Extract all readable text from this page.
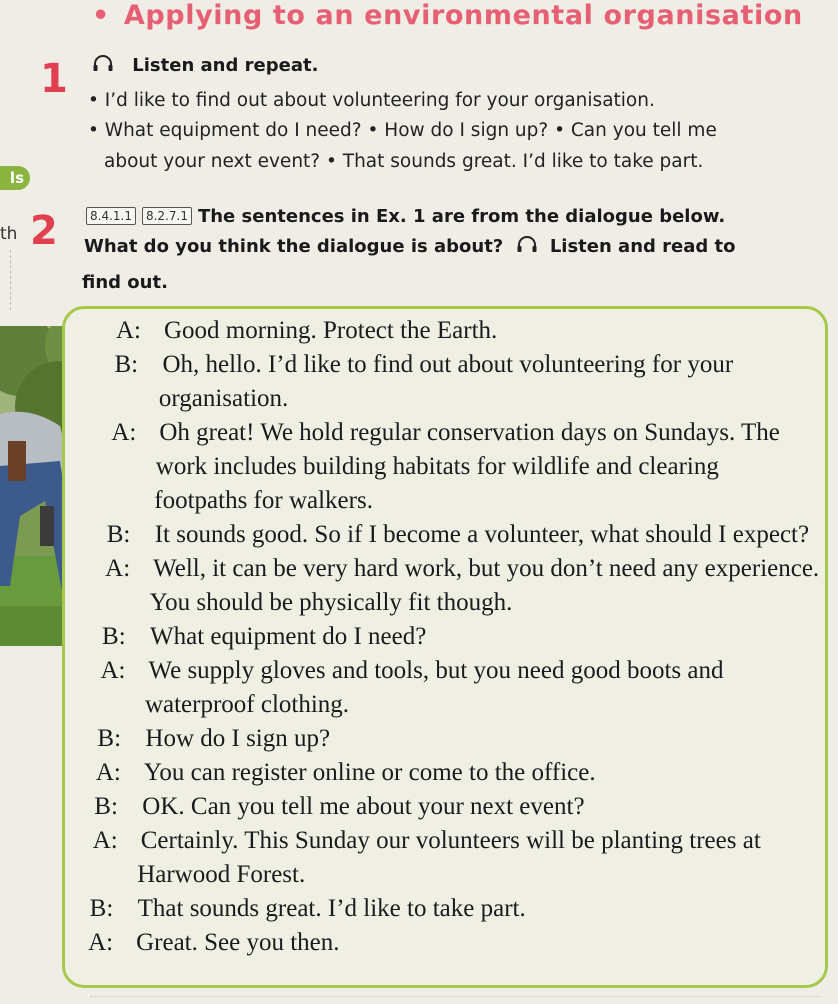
• Applying to an environmental organisation
ls
th
1	Listen and repeat.
• I’d like to find out about volunteering for your organisation.
• What equipment do I need? • How do I sign up? • Can you tell me
about your next event? • That sounds great. I’d like to take part.
2	8.4.1.1 8.2.7.1 The sentences in Ex. 1 are from the dialogue below.
What do you think the dialogue is about?	Listen and read to
find out.
A: Good morning. Protect the Earth.
B: Oh, hello. I’d like to find out about volunteering for your
organisation.
A: Oh great! We hold regular conservation days on Sundays. The
work includes building habitats for wildlife and clearing
footpaths for walkers.
B: It sounds good. So if I become a volunteer, what should I expect?
A: Well, it can be very hard work, but you don’t need any experience.
You should be physically fit though.
B: What equipment do I need?
A: We supply gloves and tools, but you need good boots and
waterproof clothing.
B: How do I sign up?
A: You can register online or come to the office.
B: OK. Can you tell me about your next event?
A: Certainly. This Sunday our volunteers will be planting trees at
Harwood Forest.
B: That sounds great. I’d like to take part.
A: Great. See you then.
